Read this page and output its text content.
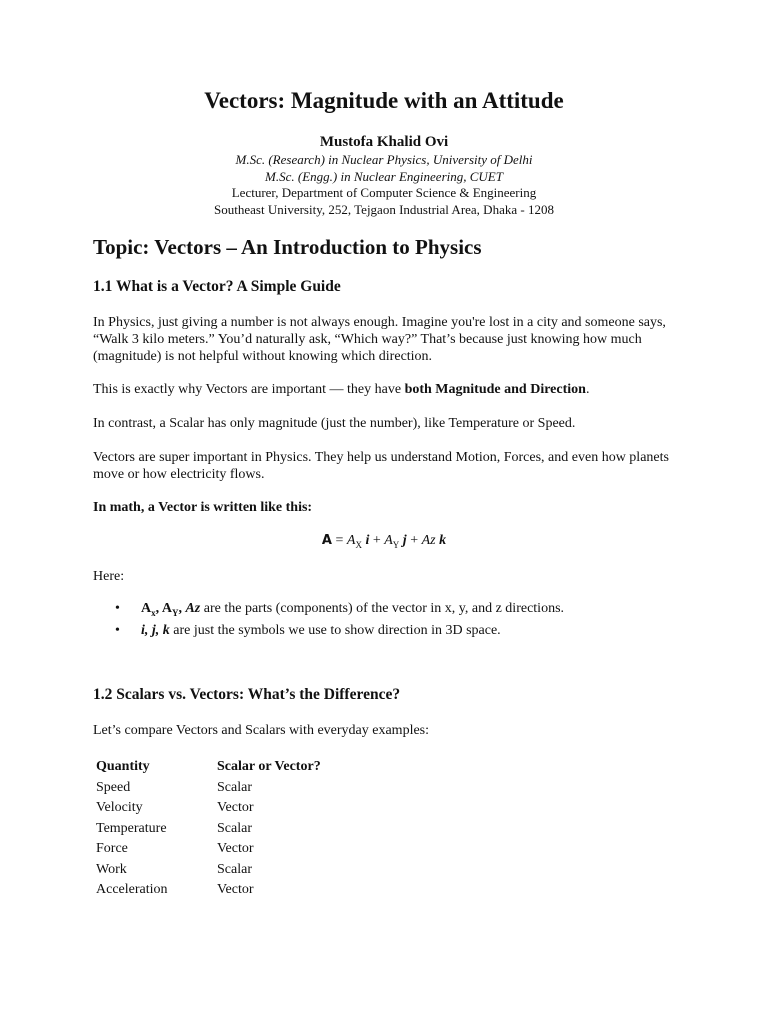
Vectors: Magnitude with an Attitude
Mustofa Khalid Ovi
M.Sc. (Research) in Nuclear Physics, University of Delhi
M.Sc. (Engg.) in Nuclear Engineering, CUET
Lecturer, Department of Computer Science & Engineering
Southeast University, 252, Tejgaon Industrial Area, Dhaka - 1208
Topic: Vectors – An Introduction to Physics
1.1 What is a Vector? A Simple Guide
In Physics, just giving a number is not always enough. Imagine you're lost in a city and someone says, “Walk 3 kilo meters.” You’d naturally ask, “Which way?” That’s because just knowing how much (magnitude) is not helpful without knowing which direction.
This is exactly why Vectors are important — they have both Magnitude and Direction.
In contrast, a Scalar has only magnitude (just the number), like Temperature or Speed.
Vectors are super important in Physics. They help us understand Motion, Forces, and even how planets move or how electricity flows.
In math, a Vector is written like this:
$A = A_X$ $i + A_Y$ j + Az k
Here:
• $A_x$, $A_Y$, Az are the parts (components) of the vector in x, y, and z directions.
• i, j, k are just the symbols we use to show direction in 3D space.
1.2 Scalars vs. Vectors: What’s the Difference?
Let’s compare Vectors and Scalars with everyday examples:
Quantity	Scalar or Vector?
Speed	Scalar
Velocity	Vector
Temperature	Scalar
Force	Vector
Work	Scalar
Acceleration	Vector
